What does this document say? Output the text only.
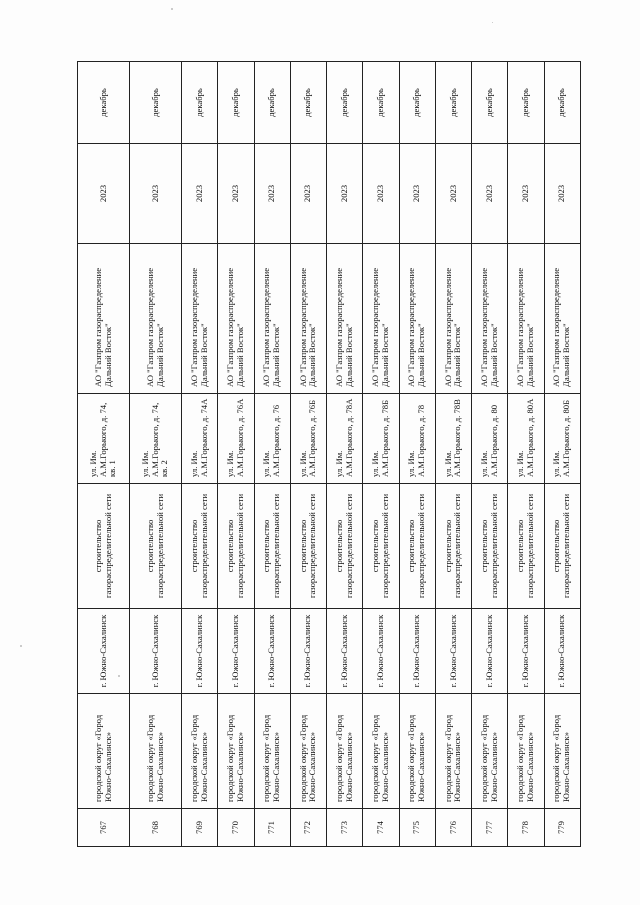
767	городской округ «Город Южно-Сахалинск»	г. Южно-Сахалинск	строительство газораспределительной сети	ул. Им. А.М.Горького, д. 74, кв. 1	АО "Газпром газораспределение Дальний Восток"	2023	декабрь
768	городской округ «Город Южно-Сахалинск»	г. Южно-Сахалинск	строительство газораспределительной сети	ул. Им. А.М.Горького, д. 74, кв. 2	АО "Газпром газораспределение Дальний Восток"	2023	декабрь
769	городской округ «Город Южно-Сахалинск»	г. Южно-Сахалинск	строительство газораспределительной сети	ул. Им. А.М.Горького, д. 74А	АО "Газпром газораспределение Дальний Восток"	2023	декабрь
770	городской округ «Город Южно-Сахалинск»	г. Южно-Сахалинск	строительство газораспределительной сети	ул. Им. А.М.Горького, д. 76А	АО "Газпром газораспределение Дальний Восток"	2023	декабрь
771	городской округ «Город Южно-Сахалинск»	г. Южно-Сахалинск	строительство газораспределительной сети	ул. Им. А.М.Горького, д. 76	АО "Газпром газораспределение Дальний Восток"	2023	декабрь
772	городской округ «Город Южно-Сахалинск»	г. Южно-Сахалинск	строительство газораспределительной сети	ул. Им. А.М.Горького, д. 76Б	АО "Газпром газораспределение Дальний Восток"	2023	декабрь
773	городской округ «Город Южно-Сахалинск»	г. Южно-Сахалинск	строительство газораспределительной сети	ул. Им. А.М.Горького, д. 78А	АО "Газпром газораспределение Дальний Восток"	2023	декабрь
774	городской округ «Город Южно-Сахалинск»	г. Южно-Сахалинск	строительство газораспределительной сети	ул. Им. А.М.Горького, д. 78Б	АО "Газпром газораспределение Дальний Восток"	2023	декабрь
775	городской округ «Город Южно-Сахалинск»	г. Южно-Сахалинск	строительство газораспределительной сети	ул. Им. А.М.Горького, д. 78	АО "Газпром газораспределение Дальний Восток"	2023	декабрь
776	городской округ «Город Южно-Сахалинск»	г. Южно-Сахалинск	строительство газораспределительной сети	ул. Им. А.М.Горького, д. 78В	АО "Газпром газораспределение Дальний Восток"	2023	декабрь
777	городской округ «Город Южно-Сахалинск»	г. Южно-Сахалинск	строительство газораспределительной сети	ул. Им. А.М.Горького, д. 80	АО "Газпром газораспределение Дальний Восток"	2023	декабрь
778	городской округ «Город Южно-Сахалинск»	г. Южно-Сахалинск	строительство газораспределительной сети	ул. Им. А.М.Горького, д. 80А	АО "Газпром газораспределение Дальний Восток"	2023	декабрь
779	городской округ «Город Южно-Сахалинск»	г. Южно-Сахалинск	строительство газораспределительной сети	ул. Им. А.М.Горького, д. 80Б	АО "Газпром газораспределение Дальний Восток"	2023	декабрь
